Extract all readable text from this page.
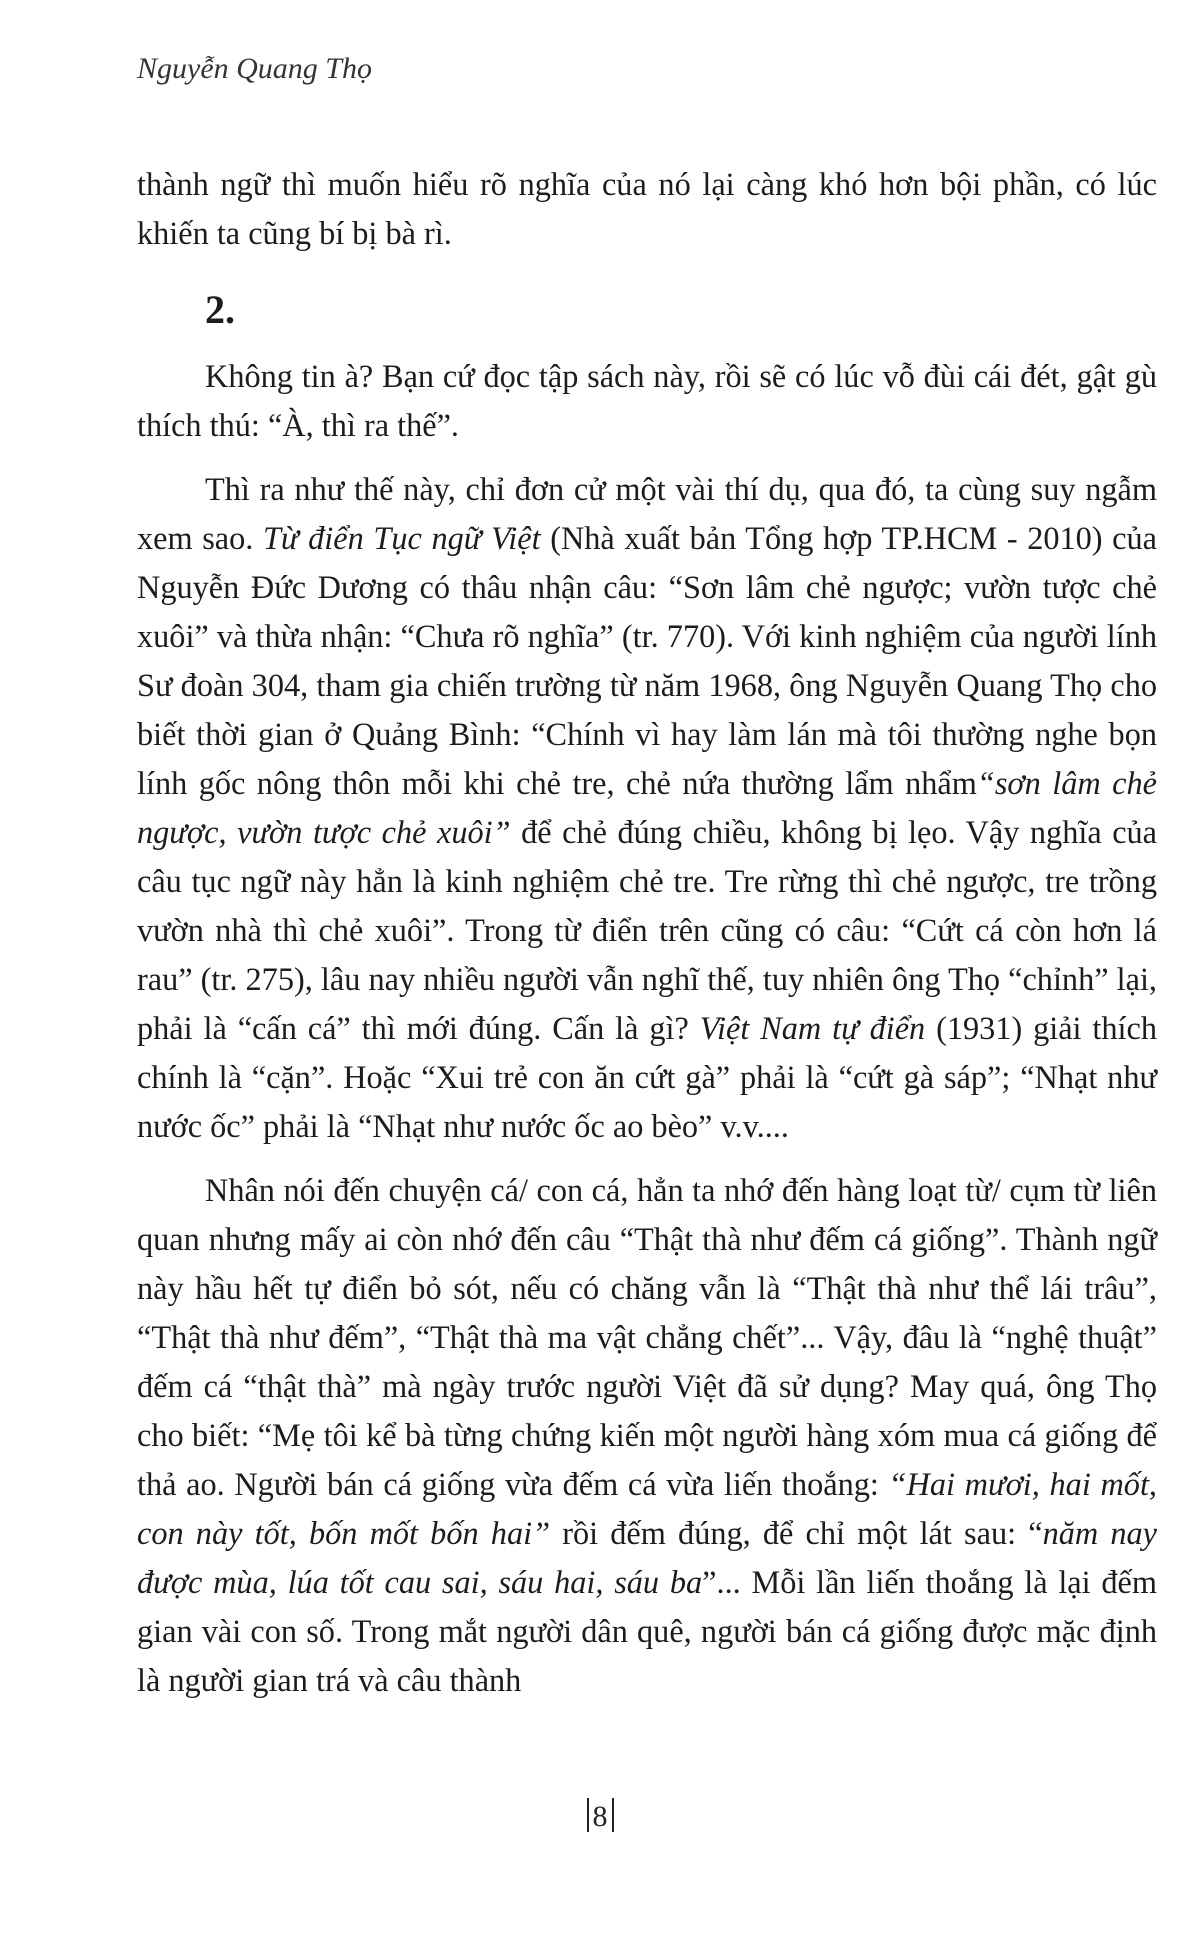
Nguyễn Quang Thọ

thành ngữ thì muốn hiểu rõ nghĩa của nó lại càng khó hơn bội phần, có lúc khiến ta cũng bí bị bà rì.

2.

Không tin à? Bạn cứ đọc tập sách này, rồi sẽ có lúc vỗ đùi cái đét, gật gù thích thú: “À, thì ra thế”.

Thì ra như thế này, chỉ đơn cử một vài thí dụ, qua đó, ta cùng suy ngẫm xem sao. Từ điển Tục ngữ Việt (Nhà xuất bản Tổng hợp TP.HCM - 2010) của Nguyễn Đức Dương có thâu nhận câu: “Sơn lâm chẻ ngược; vườn tược chẻ xuôi” và thừa nhận: “Chưa rõ nghĩa” (tr. 770). Với kinh nghiệm của người lính Sư đoàn 304, tham gia chiến trường từ năm 1968, ông Nguyễn Quang Thọ cho biết thời gian ở Quảng Bình: “Chính vì hay làm lán mà tôi thường nghe bọn lính gốc nông thôn mỗi khi chẻ tre, chẻ nứa thường lẩm nhẩm“sơn lâm chẻ ngược, vườn tược chẻ xuôi” để chẻ đúng chiều, không bị lẹo. Vậy nghĩa của câu tục ngữ này hẳn là kinh nghiệm chẻ tre. Tre rừng thì chẻ ngược, tre trồng vườn nhà thì chẻ xuôi”. Trong từ điển trên cũng có câu: “Cứt cá còn hơn lá rau” (tr. 275), lâu nay nhiều người vẫn nghĩ thế, tuy nhiên ông Thọ “chỉnh” lại, phải là “cấn cá” thì mới đúng. Cấn là gì? Việt Nam tự điển (1931) giải thích chính là “cặn”. Hoặc “Xui trẻ con ăn cứt gà” phải là “cứt gà sáp”; “Nhạt như nước ốc” phải là “Nhạt như nước ốc ao bèo” v.v....

Nhân nói đến chuyện cá/ con cá, hẳn ta nhớ đến hàng loạt từ/ cụm từ liên quan nhưng mấy ai còn nhớ đến câu “Thật thà như đếm cá giống”. Thành ngữ này hầu hết tự điển bỏ sót, nếu có chăng vẫn là “Thật thà như thể lái trâu”, “Thật thà như đếm”, “Thật thà ma vật chẳng chết”... Vậy, đâu là “nghệ thuật” đếm cá “thật thà” mà ngày trước người Việt đã sử dụng? May quá, ông Thọ cho biết: “Mẹ tôi kể bà từng chứng kiến một người hàng xóm mua cá giống để thả ao. Người bán cá giống vừa đếm cá vừa liến thoắng: “Hai mươi, hai mốt, con này tốt, bốn mốt bốn hai” rồi đếm đúng, để chỉ một lát sau: “năm nay được mùa, lúa tốt cau sai, sáu hai, sáu ba”... Mỗi lần liến thoắng là lại đếm gian vài con số. Trong mắt người dân quê, người bán cá giống được mặc định là người gian trá và câu thành

8
